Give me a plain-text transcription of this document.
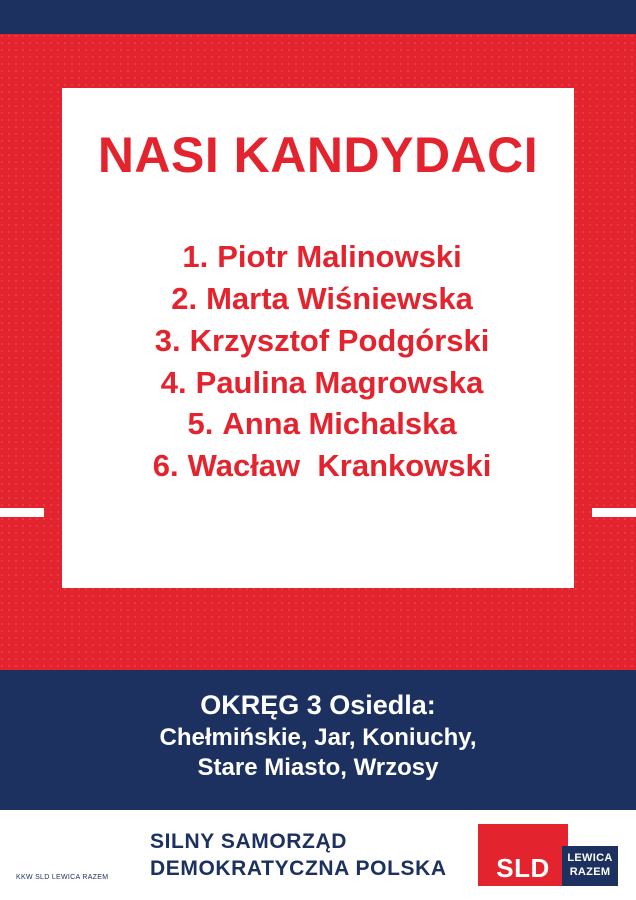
NASI KANDYDACI
1. Piotr Malinowski
2. Marta Wiśniewska
3. Krzysztof Podgórski
4. Paulina Magrowska
5. Anna Michalska
6. Wacław  Krankowski
OKRĘG 3 Osiedla:
Chełmińskie, Jar, Koniuchy,
Stare Miasto, Wrzosy
SILNY SAMORZĄD
DEMOKRATYCZNA POLSKA
KKW SLD LEWICA RAZEM	SLD	LEWICA
RAZEM
